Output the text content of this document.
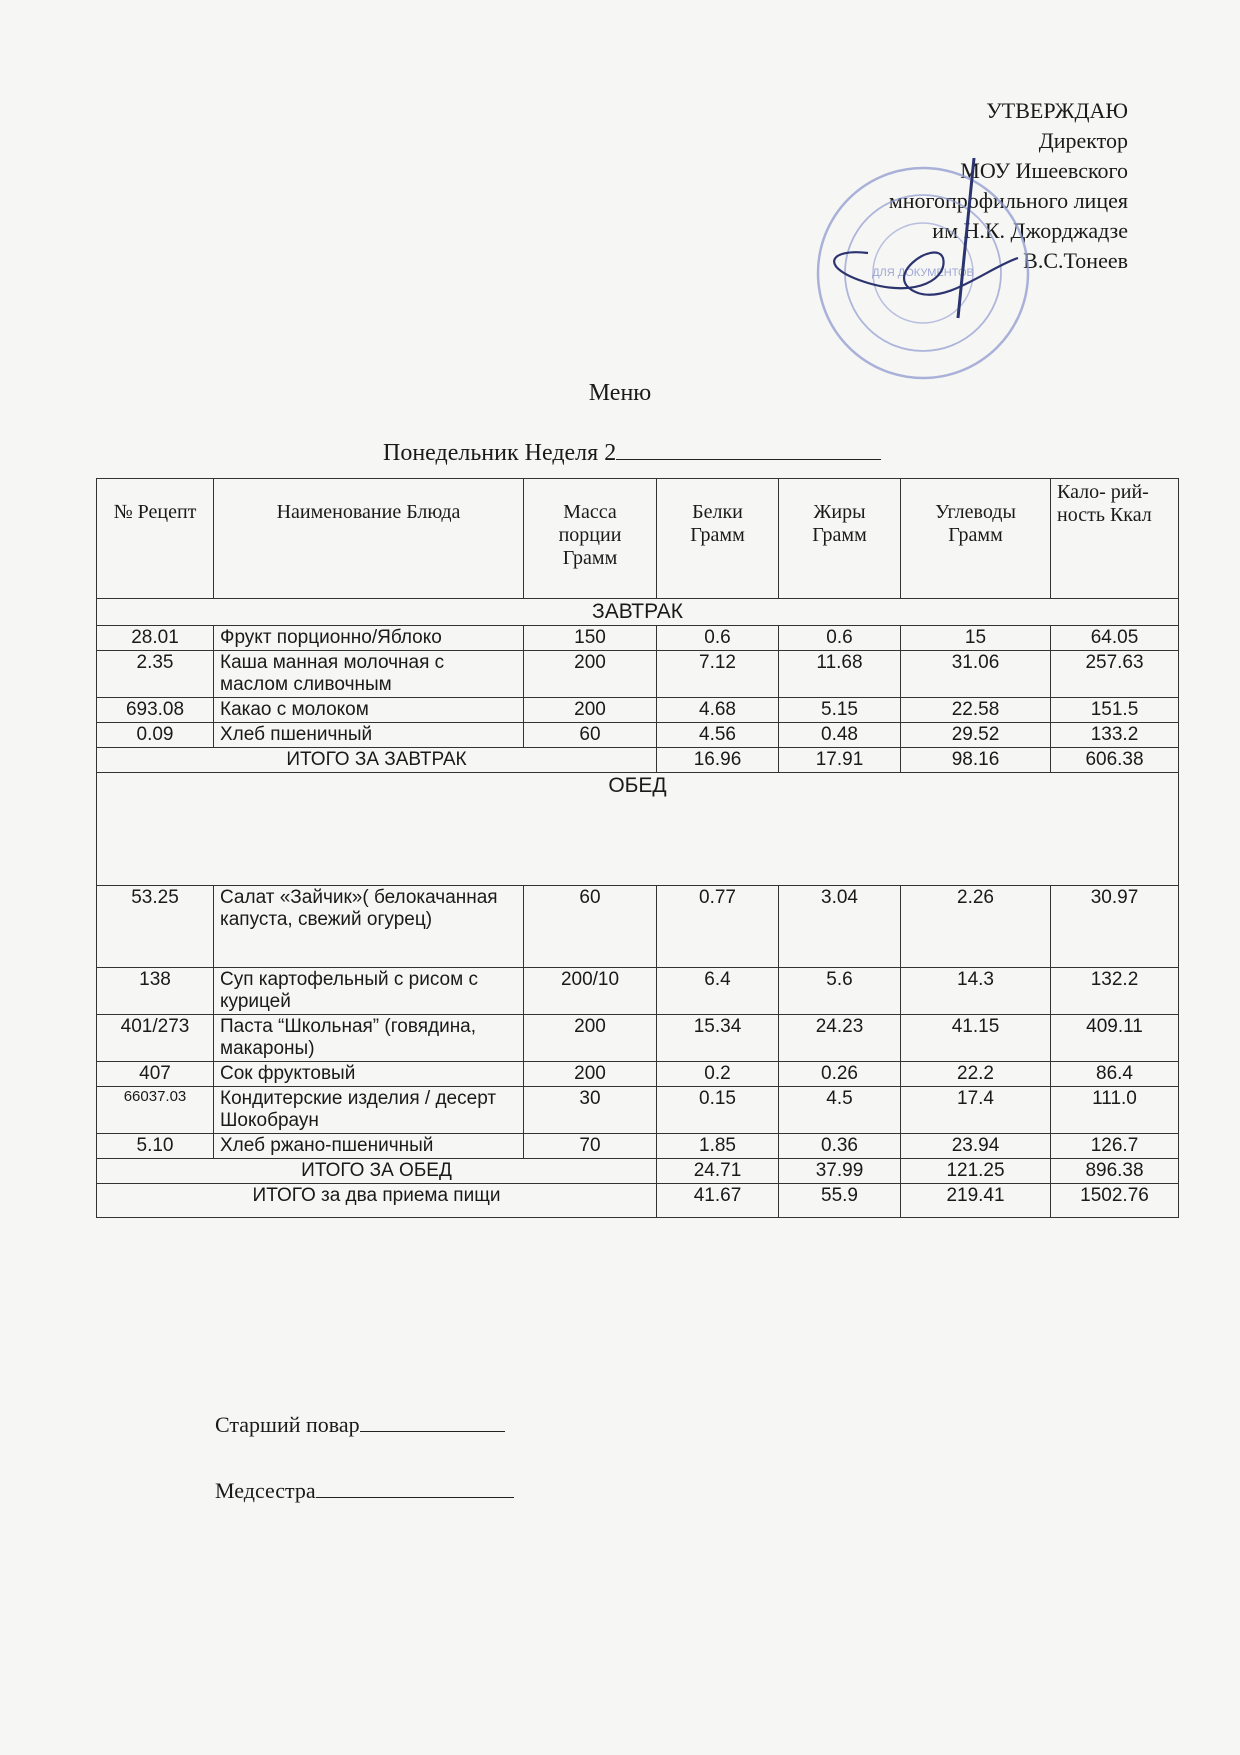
УТВЕРЖДАЮ
Директор
МОУ Ишеевского
многопрофильного лицея
им Н.К. Джорджадзе
В.С.Тонеев
ДЛЯ ДОКУМЕНТОВ
Меню
Понедельник Неделя 2
№ Рецепт	Наименование Блюда	Масса порции Грамм	Белки Грамм	Жиры Грамм	Углеводы Грамм	Кало- рий- ность Ккал
ЗАВТРАК						
28.01	Фрукт порционно/Яблоко	150	0.6	0.6	15	64.05
2.35	Каша манная молочная с маслом сливочным	200	7.12	11.68	31.06	257.63
693.08	Какао с молоком	200	4.68	5.15	22.58	151.5
0.09	Хлеб пшеничный	60	4.56	0.48	29.52	133.2
ИТОГО ЗА ЗАВТРАК			16.96	17.91	98.16	606.38
ОБЕД						
53.25	Салат «Зайчик»( белокачанная капуста, свежий огурец)	60	0.77	3.04	2.26	30.97
138	Суп картофельный с рисом с курицей	200/10	6.4	5.6	14.3	132.2
401/273	Паста “Школьная” (говядина, макароны)	200	15.34	24.23	41.15	409.11
407	Сок фруктовый	200	0.2	0.26	22.2	86.4
66037.03	Кондитерские изделия / десерт Шокобраун	30	0.15	4.5	17.4	111.0
5.10	Хлеб ржано-пшеничный	70	1.85	0.36	23.94	126.7
ИТОГО ЗА ОБЕД			24.71	37.99	121.25	896.38
ИТОГО за два приема пищи			41.67	55.9	219.41	1502.76
Старший повар
Медсестра
